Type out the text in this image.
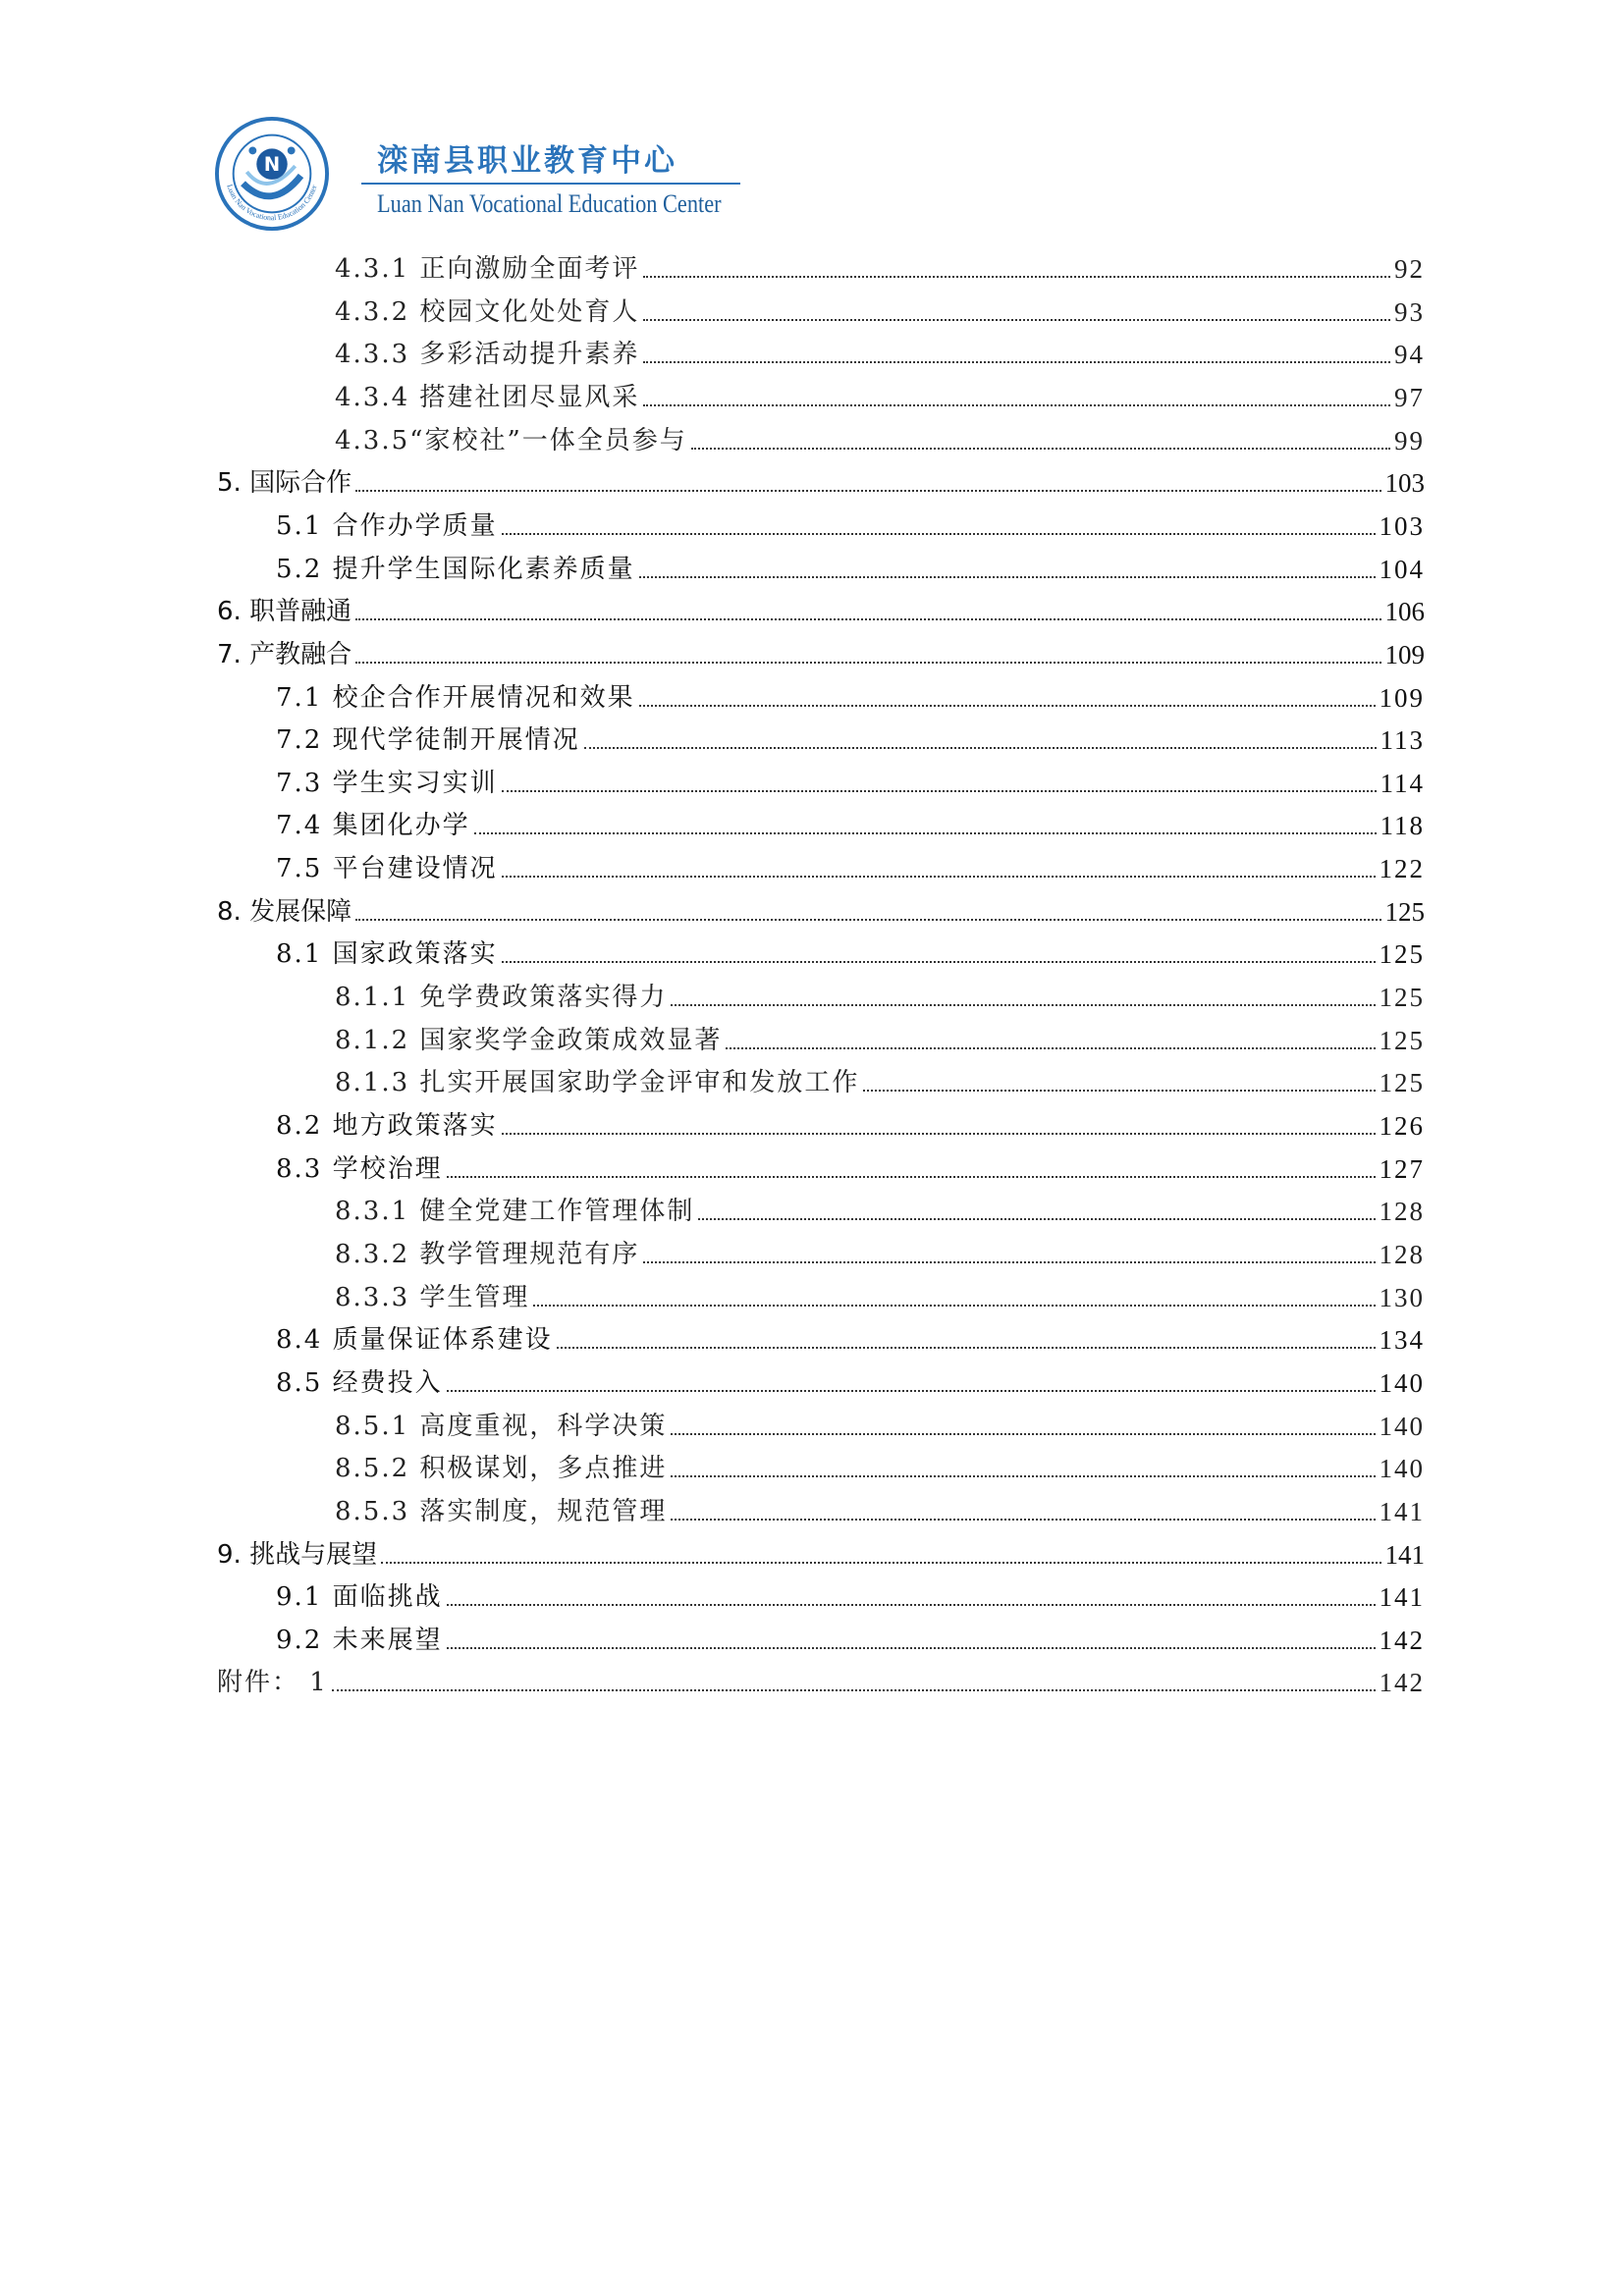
Luan Nan Vocational Education Center
N	滦南县职业教育中心
Luan Nan Vocational Education Center
4.3.1 正向激励全面考评	92
4.3.2 校园文化处处育人	93
4.3.3 多彩活动提升素养	94
4.3.4 搭建社团尽显风采	97
4.3.5“家校社”一体全员参与	99
5. 国际合作	103
5.1 合作办学质量	103
5.2 提升学生国际化素养质量	104
6. 职普融通	106
7. 产教融合	109
7.1 校企合作开展情况和效果	109
7.2 现代学徒制开展情况	113
7.3 学生实习实训	114
7.4 集团化办学	118
7.5 平台建设情况	122
8. 发展保障	125
8.1 国家政策落实	125
8.1.1 免学费政策落实得力	125
8.1.2 国家奖学金政策成效显著	125
8.1.3 扎实开展国家助学金评审和发放工作	125
8.2 地方政策落实	126
8.3 学校治理	127
8.3.1 健全党建工作管理体制	128
8.3.2 教学管理规范有序	128
8.3.3 学生管理	130
8.4 质量保证体系建设	134
8.5 经费投入	140
8.5.1 高度重视，科学决策	140
8.5.2 积极谋划，多点推进	140
8.5.3 落实制度，规范管理	141
9. 挑战与展望	141
9.1 面临挑战	141
9.2 未来展望	142
附件： 1	142
